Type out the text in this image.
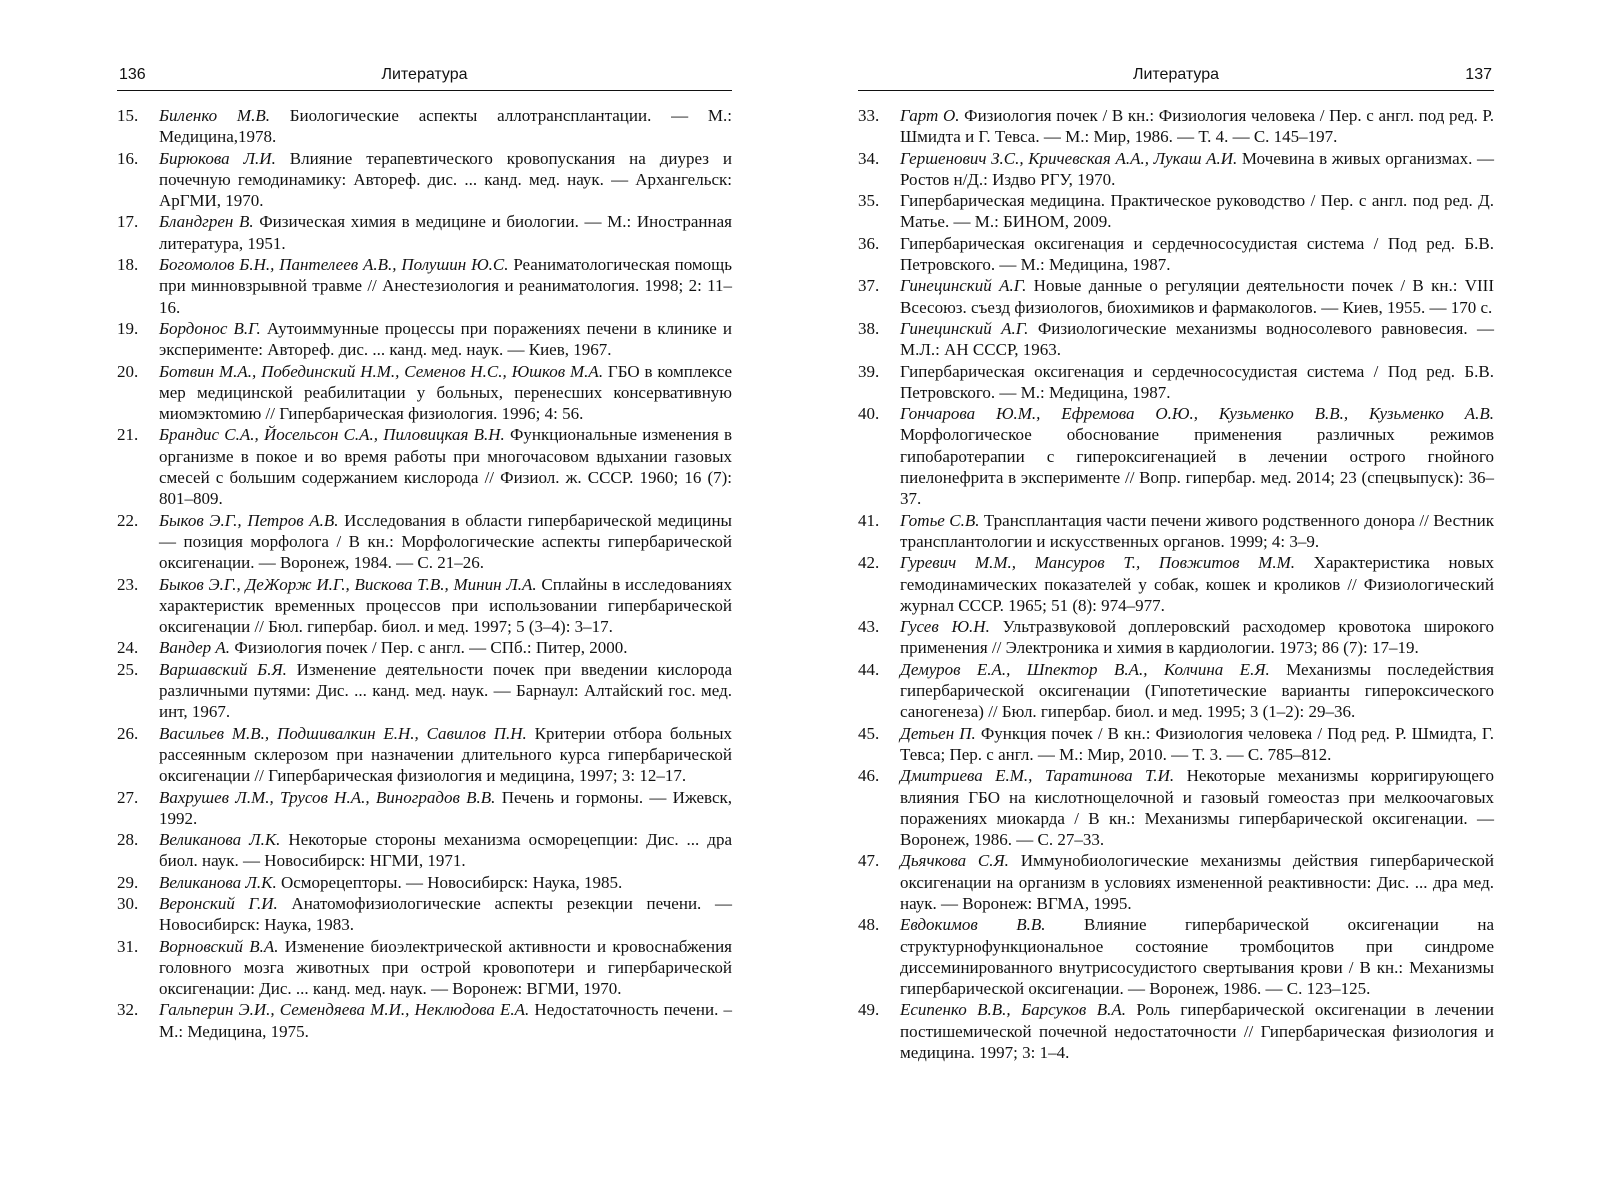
136	Литература
15.	Биленко М.В. Биологические аспекты аллотрансплантации. — М.: Медицина,1978.
16.	Бирюкова Л.И. Влияние терапевтического кровопускания на диурез и почечную гемодинамику: Автореф. дис. ... канд. мед. наук. — Архангельск: АрГМИ, 1970.
17.	Бландгрен В. Физическая химия в медицине и биологии. — М.: Иностранная литература, 1951.
18.	Богомолов Б.Н., Пантелеев А.В., Полушин Ю.С. Реаниматологическая помощь при минновзрывной травме // Анестезиология и реаниматология. 1998; 2: 11–16.
19.	Бордонос В.Г. Аутоиммунные процессы при поражениях печени в клинике и эксперименте: Автореф. дис. ... канд. мед. наук. — Киев, 1967.
20.	Ботвин М.А., Побединский Н.М., Семенов Н.С., Юшков М.А. ГБО в комплексе мер медицинской реабилитации у больных, перенесших консервативную миомэктомию // Гипербарическая физиология. 1996; 4: 56.
21.	Брандис С.А., Йосельсон С.А., Пиловицкая В.Н. Функциональные изменения в организме в покое и во время работы при многочасовом вдыхании газовых смесей с большим содержанием кислорода // Физиол. ж. СССР. 1960; 16 (7): 801–809.
22.	Быков Э.Г., Петров А.В. Исследования в области гипербарической медицины — позиция морфолога / В кн.: Морфологические аспекты гипербарической оксигенации. — Воронеж, 1984. — С. 21–26.
23.	Быков Э.Г., ДеЖорж И.Г., Вискова Т.В., Минин Л.А. Сплайны в исследованиях характеристик временных процессов при использовании гипербарической оксигенации // Бюл. гипербар. биол. и мед. 1997; 5 (3–4): 3–17.
24.	Вандер А. Физиология почек / Пер. с англ. — СПб.: Питер, 2000.
25.	Варшавский Б.Я. Изменение деятельности почек при введении кислорода различными путями: Дис. ... канд. мед. наук. — Барнаул: Алтайский гос. мед. инт, 1967.
26.	Васильев М.В., Подшивалкин Е.Н., Савилов П.Н. Критерии отбора больных рассеянным склерозом при назначении длительного курса гипербарической оксигенации // Гипербарическая физиология и медицина, 1997; 3: 12–17.
27.	Вахрушев Л.М., Трусов Н.А., Виноградов В.В. Печень и гормоны. — Ижевск, 1992.
28.	Великанова Л.К. Некоторые стороны механизма осморецепции: Дис. ... дра биол. наук. — Новосибирск: НГМИ, 1971.
29.	Великанова Л.К. Осморецепторы. — Новосибирск: Наука, 1985.
30.	Веронский Г.И. Анатомофизиологические аспекты резекции печени. — Новосибирск: Наука, 1983.
31.	Ворновский В.А. Изменение биоэлектрической активности и кровоснабжения головного мозга животных при острой кровопотери и гипербарической оксигенации: Дис. ... канд. мед. наук. — Воронеж: ВГМИ, 1970.
32.	Гальперин Э.И., Семендяева М.И., Неклюдова Е.А. Недостаточность печени. – М.: Медицина, 1975.
Литература	137
33.	Гарт О. Физиология почек / В кн.: Физиология человека / Пер. с англ. под ред. Р. Шмидта и Г. Тевса. — М.: Мир, 1986. — Т. 4. — С. 145–197.
34.	Гершенович З.С., Кричевская А.А., Лукаш А.И. Мочевина в живых организмах. — Ростов н/Д.: Издво РГУ, 1970.
35.	Гипербарическая медицина. Практическое руководство / Пер. с англ. под ред. Д. Матье. — М.: БИНОМ, 2009.
36.	Гипербарическая оксигенация и сердечнососудистая система / Под ред. Б.В. Петровского. — М.: Медицина, 1987.
37.	Гинецинский А.Г. Новые данные о регуляции деятельности почек / В кн.: VIII Всесоюз. съезд физиологов, биохимиков и фармакологов. — Киев, 1955. — 170 с.
38.	Гинецинский А.Г. Физиологические механизмы водносолевого равновесия. — М.Л.: АН СССР, 1963.
39.	Гипербарическая оксигенация и сердечнососудистая система / Под ред. Б.В. Петровского. — М.: Медицина, 1987.
40.	Гончарова Ю.М., Ефремова О.Ю., Кузьменко В.В., Кузьменко А.В. Морфологическое обоснование применения различных режимов гипобаротерапии с гипероксигенацией в лечении острого гнойного пиелонефрита в эксперименте // Вопр. гипербар. мед. 2014; 23 (спецвыпуск): 36–37.
41.	Готье С.В. Трансплантация части печени живого родственного донора // Вестник трансплантологии и искусственных органов. 1999; 4: 3–9.
42.	Гуревич М.М., Мансуров Т., Повжитов М.М. Характеристика новых гемодинамических показателей у собак, кошек и кроликов // Физиологический журнал СССР. 1965; 51 (8): 974–977.
43.	Гусев Ю.Н. Ультразвуковой доплеровский расходомер кровотока широкого применения // Электроника и химия в кардиологии. 1973; 86 (7): 17–19.
44.	Демуров Е.А., Шпектор В.А., Колчина Е.Я. Механизмы последействия гипербарической оксигенации (Гипотетические варианты гипероксического саногенеза) // Бюл. гипербар. биол. и мед. 1995; 3 (1–2): 29–36.
45.	Детьен П. Функция почек / В кн.: Физиология человека / Под ред. Р. Шмидта, Г. Тевса; Пер. с англ. — М.: Мир, 2010. — Т. 3. — С. 785–812.
46.	Дмитриева Е.М., Таратинова Т.И. Некоторые механизмы корригирующего влияния ГБО на кислотнощелочной и газовый гомеостаз при мелкоочаговых поражениях миокарда / В кн.: Механизмы гипербарической оксигенации. — Воронеж, 1986. — С. 27–33.
47.	Дьячкова С.Я. Иммунобиологические механизмы действия гипербарической оксигенации на организм в условиях измененной реактивности: Дис. ... дра мед. наук. — Воронеж: ВГМА, 1995.
48.	Евдокимов В.В. Влияние гипербарической оксигенации на структурнофункциональное состояние тромбоцитов при синдроме диссеминированного внутрисосудистого свертывания крови / В кн.: Механизмы гипербарической оксигенации. — Воронеж, 1986. — С. 123–125.
49.	Есипенко В.В., Барсуков В.А. Роль гипербарической оксигенации в лечении постишемической почечной недостаточности // Гипербарическая физиология и медицина. 1997; 3: 1–4.
